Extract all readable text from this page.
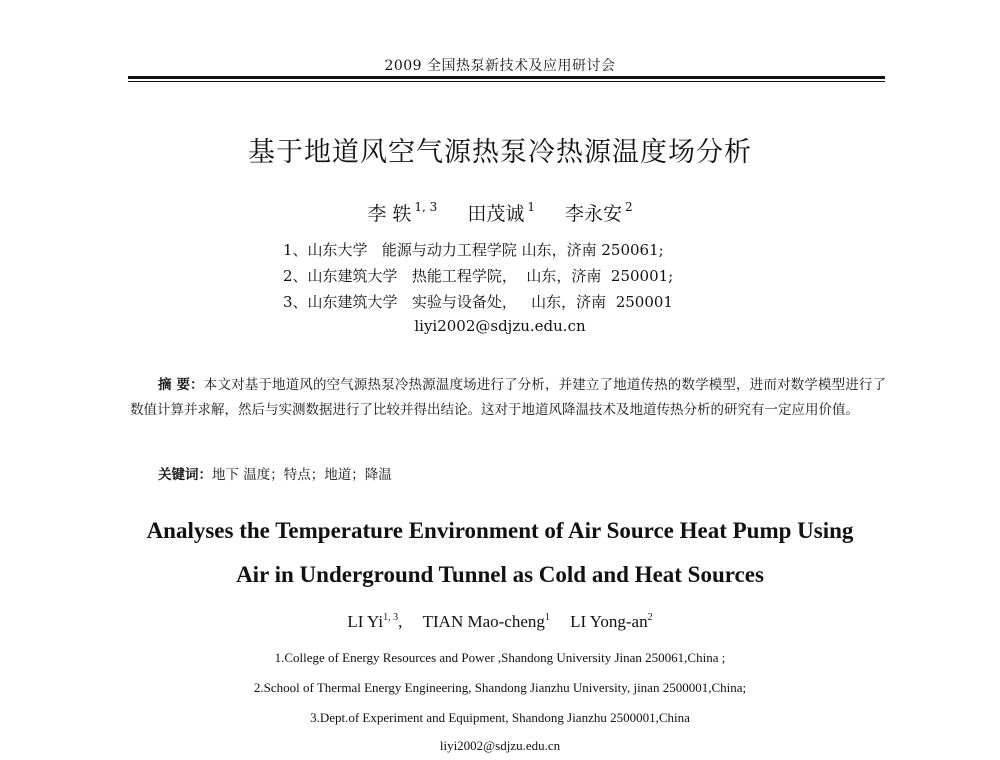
2009 全国热泵新技术及应用研讨会
基于地道风空气源热泵冷热源温度场分析
李 轶 $^{1, 3}$ 田茂诚 $^1$ 李永安 $^2$
1、山东大学   能源与动力工程学院 山东，济南 250061;
2、山东建筑大学   热能工程学院，  山东，济南  250001;
3、山东建筑大学   实验与设备处，   山东，济南  250001
liyi2002@sdjzu.edu.cn
摘 要：本文对基于地道风的空气源热泵冷热源温度场进行了分析，并建立了地道传热的数学模型，进而对数学模型进行了数值计算并求解，然后与实测数据进行了比较并得出结论。这对于地道风降温技术及地道传热分析的研究有一定应用价值。
关键词：地下 温度；特点；地道；降温
Analyses the Temperature Environment of Air Source Heat Pump Using
Air in Underground Tunnel as Cold and Heat Sources
LI Yi$^{1, 3}$, TIAN Mao-cheng$^1$ LI Yong-$an^2$
1.College of Energy Resources and Power ,Shandong University Jinan 250061,China ;
2.School of Thermal Energy Engineering, Shandong Jianzhu University, jinan 2500001,China;
3.Dept.of Experiment and Equipment, Shandong Jianzhu 2500001,China
liyi2002@sdjzu.edu.cn
